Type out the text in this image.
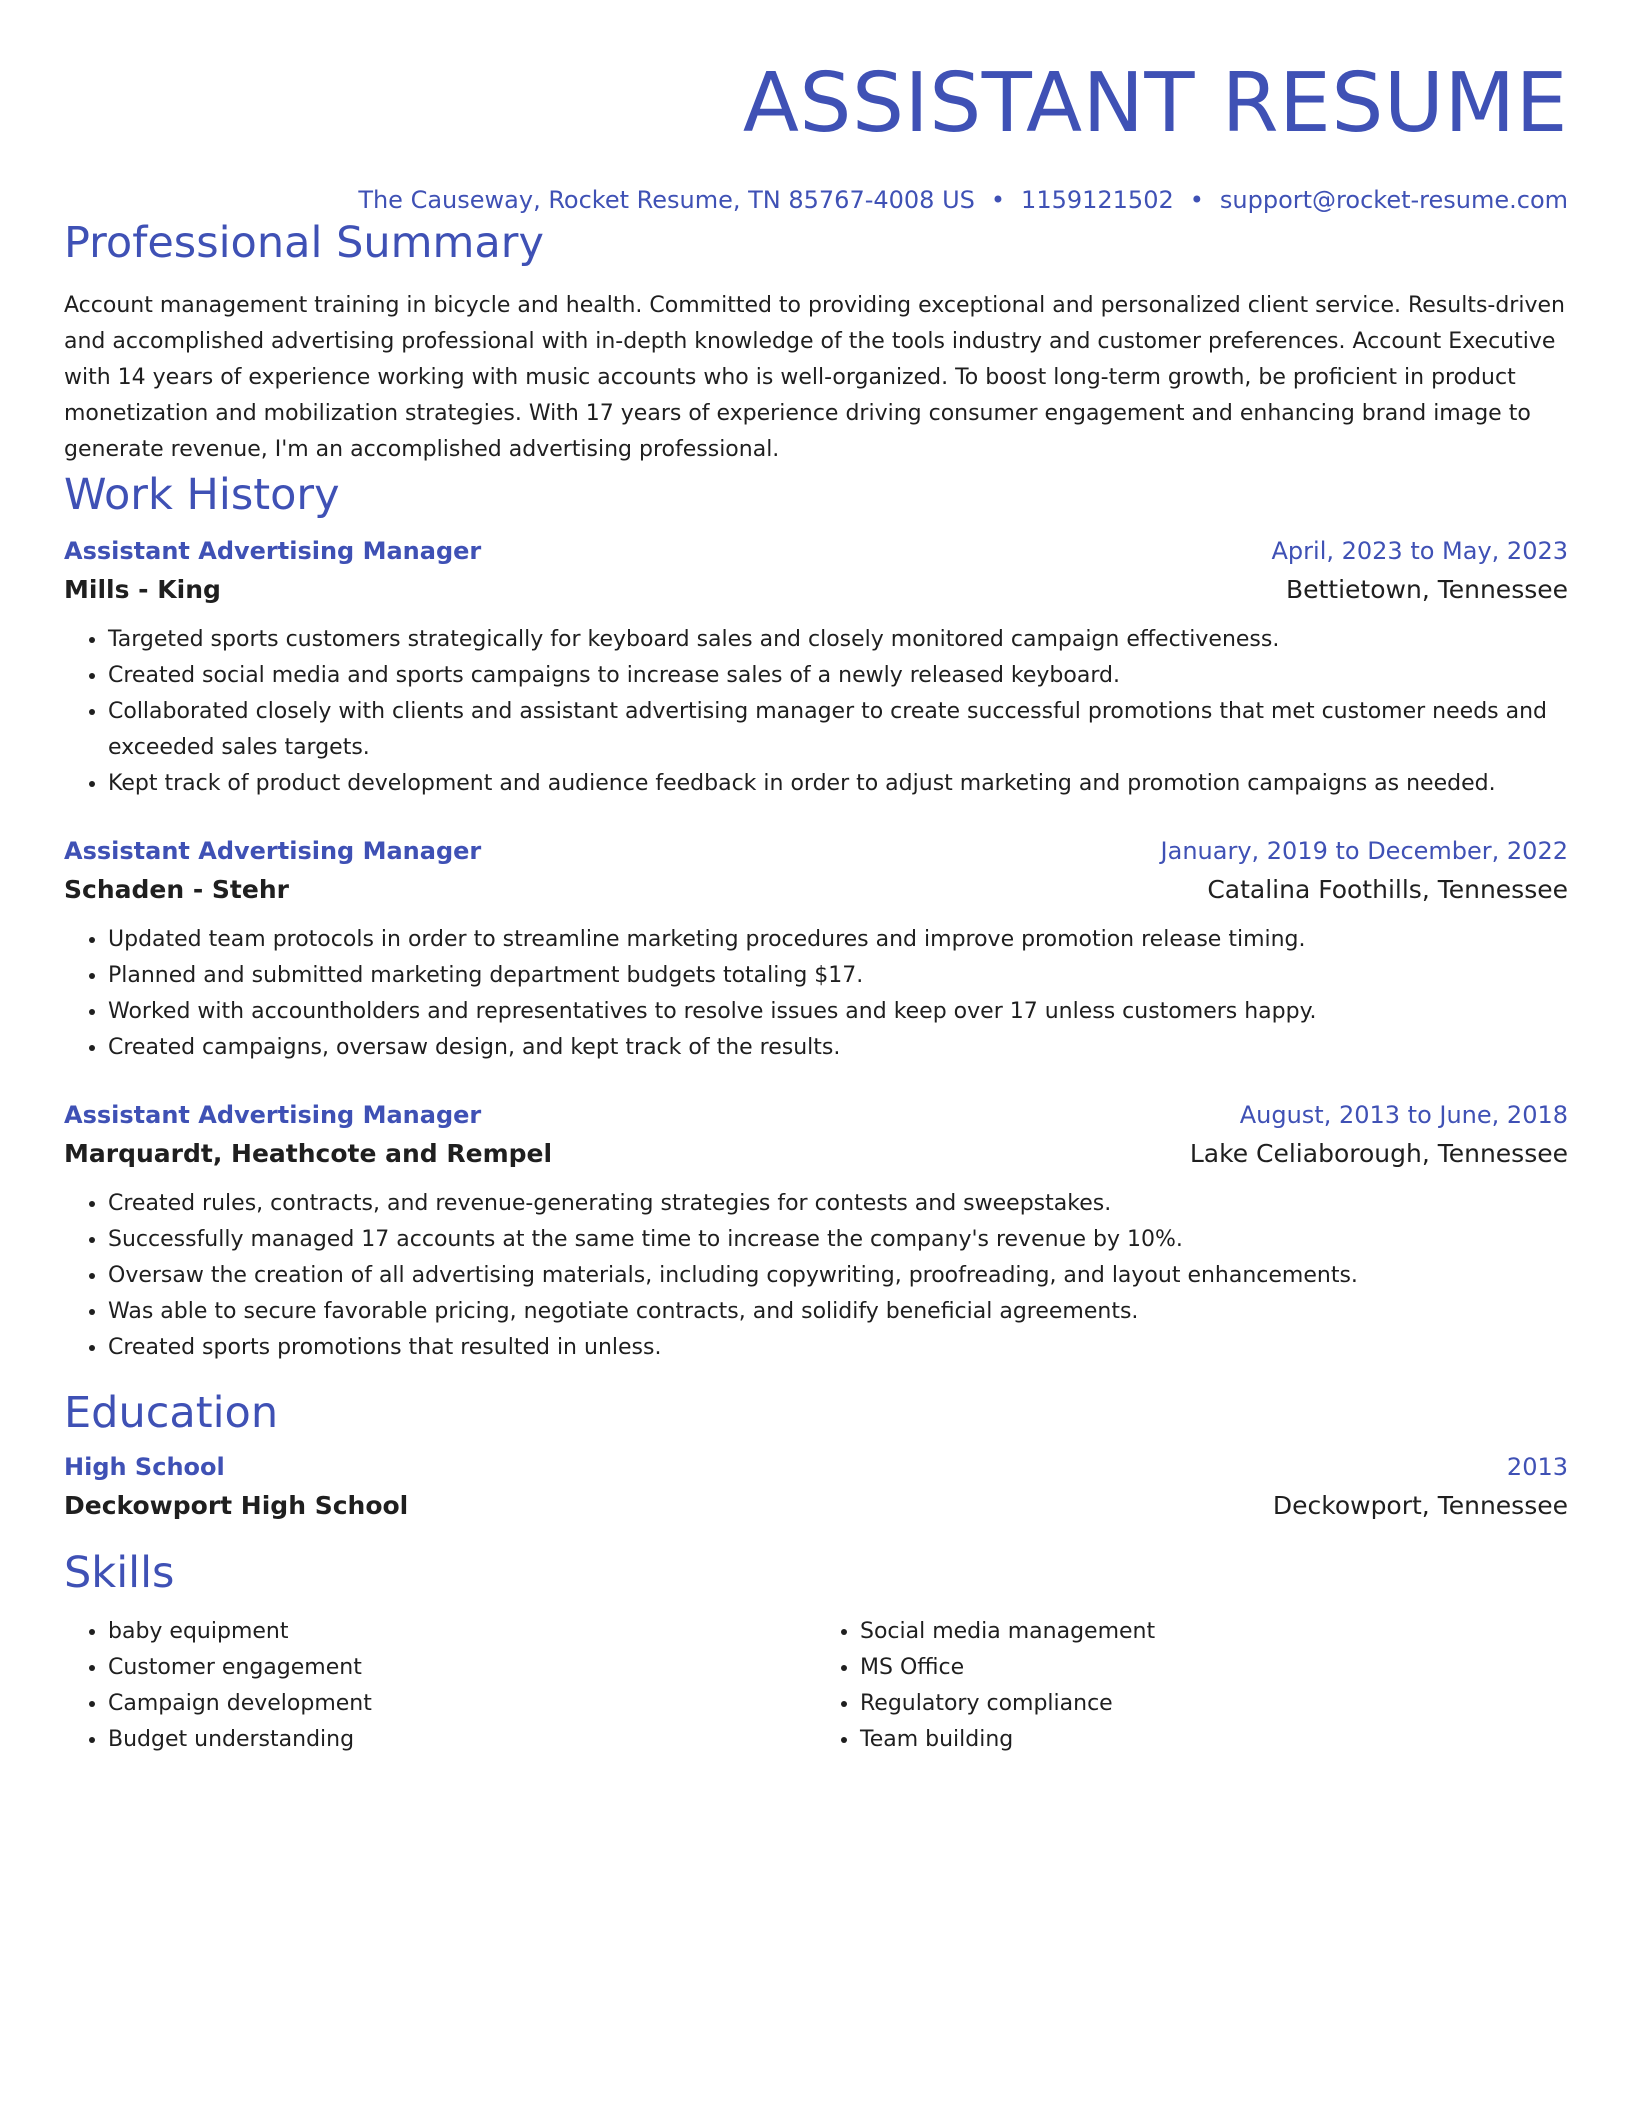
ASSISTANT RESUME
The Causeway, Rocket Resume, TN 85767-4008 US • 1159121502 • support@rocket-resume.com
Professional Summary
Account management training in bicycle and health. Committed to providing exceptional and personalized client service. Results-driven and accomplished advertising professional with in-depth knowledge of the tools industry and customer preferences. Account Executive with 14 years of experience working with music accounts who is well-organized. To boost long-term growth, be proficient in product monetization and mobilization strategies. With 17 years of experience driving consumer engagement and enhancing brand image to generate revenue, I'm an accomplished advertising professional.
Work History
Assistant Advertising Manager	April, 2023 to May, 2023
Mills - King	Bettietown, Tennessee
• Targeted sports customers strategically for keyboard sales and closely monitored campaign effectiveness.
• Created social media and sports campaigns to increase sales of a newly released keyboard.
• Collaborated closely with clients and assistant advertising manager to create successful promotions that met customer needs and exceeded sales targets.
• Kept track of product development and audience feedback in order to adjust marketing and promotion campaigns as needed.
Assistant Advertising Manager	January, 2019 to December, 2022
Schaden - Stehr	Catalina Foothills, Tennessee
• Updated team protocols in order to streamline marketing procedures and improve promotion release timing.
• Planned and submitted marketing department budgets totaling $17.
• Worked with accountholders and representatives to resolve issues and keep over 17 unless customers happy.
• Created campaigns, oversaw design, and kept track of the results.
Assistant Advertising Manager	August, 2013 to June, 2018
Marquardt, Heathcote and Rempel	Lake Celiaborough, Tennessee
• Created rules, contracts, and revenue-generating strategies for contests and sweepstakes.
• Successfully managed 17 accounts at the same time to increase the company's revenue by 10%.
• Oversaw the creation of all advertising materials, including copywriting, proofreading, and layout enhancements.
• Was able to secure favorable pricing, negotiate contracts, and solidify beneficial agreements.
• Created sports promotions that resulted in unless.
Education
High School	2013
Deckowport High School	Deckowport, Tennessee
Skills
• baby equipment
• Customer engagement
• Campaign development
• Budget understanding
• Social media management
• MS Office
• Regulatory compliance
• Team building
